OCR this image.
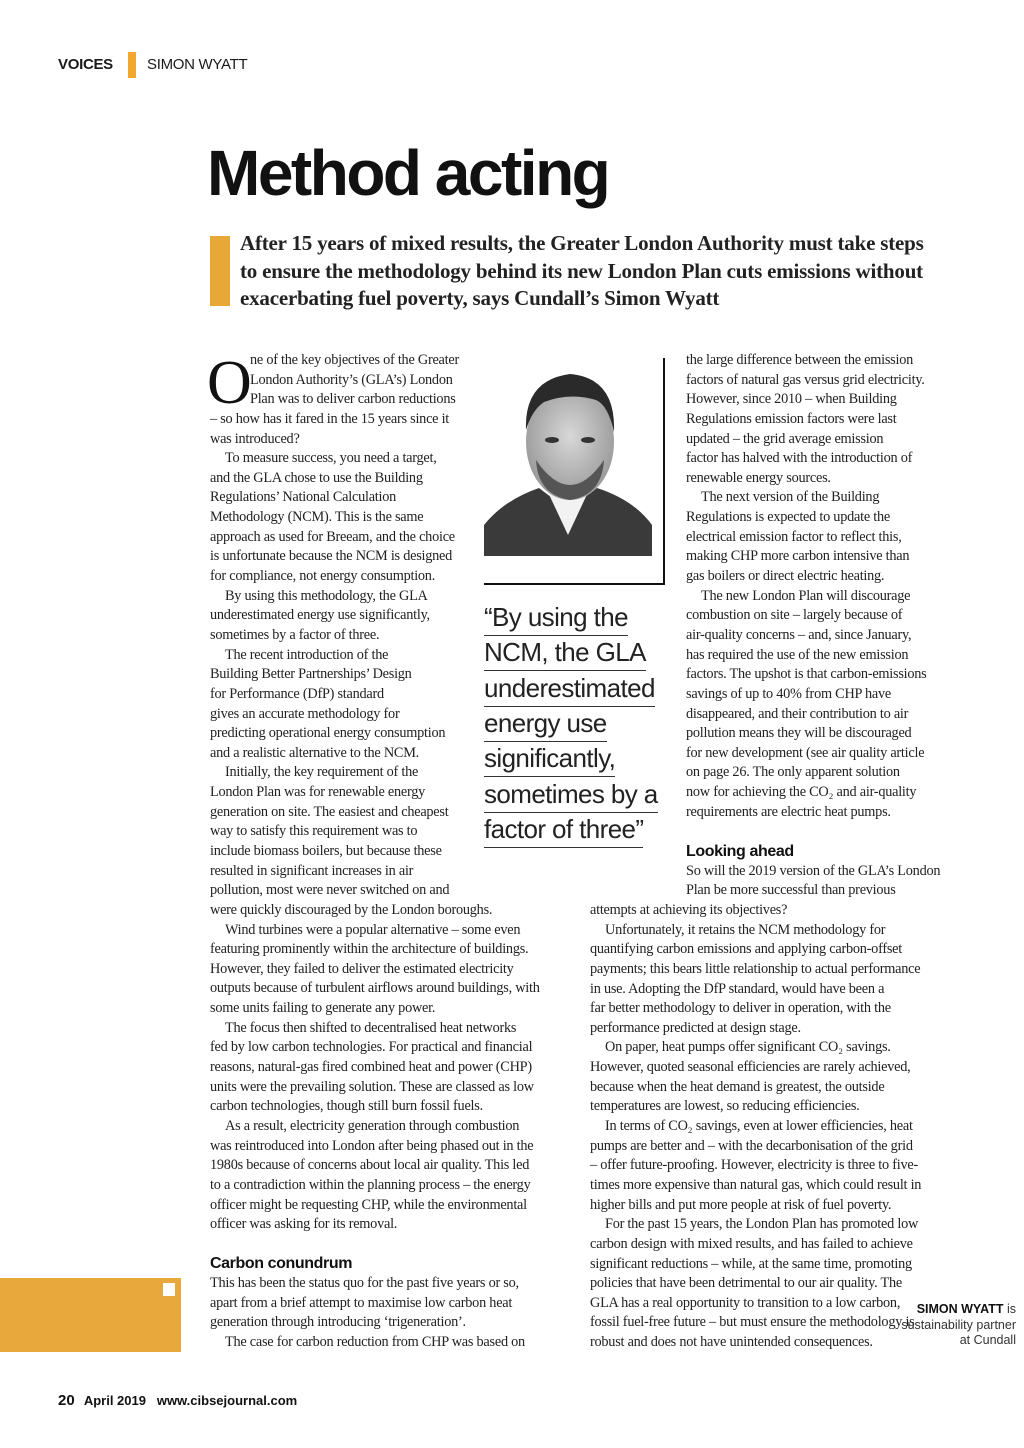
VOICES SIMON WYATT
Method acting
After 15 years of mixed results, the Greater London Authority must take steps to ensure the methodology behind its new London Plan cuts emissions without exacerbating fuel poverty, says Cundall’s Simon Wyatt
O
ne of the key objectives of the Greater
London Authority’s (GLA’s) London
Plan was to deliver carbon reductions
– so how has it fared in the 15 years since it
was introduced?
To measure success, you need a target,
and the GLA chose to use the Building
Regulations’ National Calculation
Methodology (NCM). This is the same
approach as used for Breeam, and the choice
is unfortunate because the NCM is designed
for compliance, not energy consumption.
By using this methodology, the GLA
underestimated energy use significantly,
sometimes by a factor of three.
The recent introduction of the
Building Better Partnerships’ Design
for Performance (DfP) standard
gives an accurate methodology for
predicting operational energy consumption
and a realistic alternative to the NCM.
Initially, the key requirement of the
London Plan was for renewable energy
generation on site. The easiest and cheapest
way to satisfy this requirement was to
include biomass boilers, but because these
resulted in significant increases in air
pollution, most were never switched on and
were quickly discouraged by the London boroughs.
Wind turbines were a popular alternative – some even
featuring prominently within the architecture of buildings.
However, they failed to deliver the estimated electricity
outputs because of turbulent airflows around buildings, with
some units failing to generate any power.
The focus then shifted to decentralised heat networks
fed by low carbon technologies. For practical and financial
reasons, natural-gas fired combined heat and power (CHP)
units were the prevailing solution. These are classed as low
carbon technologies, though still burn fossil fuels.
As a result, electricity generation through combustion
was reintroduced into London after being phased out in the
1980s because of concerns about local air quality. This led
to a contradiction within the planning process – the energy
officer might be requesting CHP, while the environmental
officer was asking for its removal.
Carbon conundrum
This has been the status quo for the past five years or so,
apart from a brief attempt to maximise low carbon heat
generation through introducing ‘trigeneration’.
The case for carbon reduction from CHP was based on
the large difference between the emission
factors of natural gas versus grid electricity.
However, since 2010 – when Building
Regulations emission factors were last
updated – the grid average emission
factor has halved with the introduction of
renewable energy sources.
The next version of the Building
Regulations is expected to update the
electrical emission factor to reflect this,
making CHP more carbon intensive than
gas boilers or direct electric heating.
The new London Plan will discourage
combustion on site – largely because of
air-quality concerns – and, since January,
has required the use of the new emission
factors. The upshot is that carbon-emissions
savings of up to 40% from CHP have
disappeared, and their contribution to air
pollution means they will be discouraged
for new development (see air quality article
on page 26. The only apparent solution
now for achieving the CO₂ and air-quality
requirements are electric heat pumps.
Looking ahead
So will the 2019 version of the GLA’s London
Plan be more successful than previous
attempts at achieving its objectives?
Unfortunately, it retains the NCM methodology for
quantifying carbon emissions and applying carbon-offset
payments; this bears little relationship to actual performance
in use. Adopting the DfP standard, would have been a
far better methodology to deliver in operation, with the
performance predicted at design stage.
On paper, heat pumps offer significant CO₂ savings.
However, quoted seasonal efficiencies are rarely achieved,
because when the heat demand is greatest, the outside
temperatures are lowest, so reducing efficiencies.
In terms of CO₂ savings, even at lower efficiencies, heat
pumps are better and – with the decarbonisation of the grid
– offer future-proofing. However, electricity is three to five-
times more expensive than natural gas, which could result in
higher bills and put more people at risk of fuel poverty.
For the past 15 years, the London Plan has promoted low
carbon design with mixed results, and has failed to achieve
significant reductions – while, at the same time, promoting
policies that have been detrimental to our air quality. The
GLA has a real opportunity to transition to a low carbon,
fossil fuel-free future – but must ensure the methodology is
robust and does not have unintended consequences.
“By using the
NCM, the GLA
underestimated
energy use
significantly,
sometimes by a
factor of three”
SIMON WYATT is
sustainability partner
at Cundall
20 April 2019 www.cibsejournal.com
